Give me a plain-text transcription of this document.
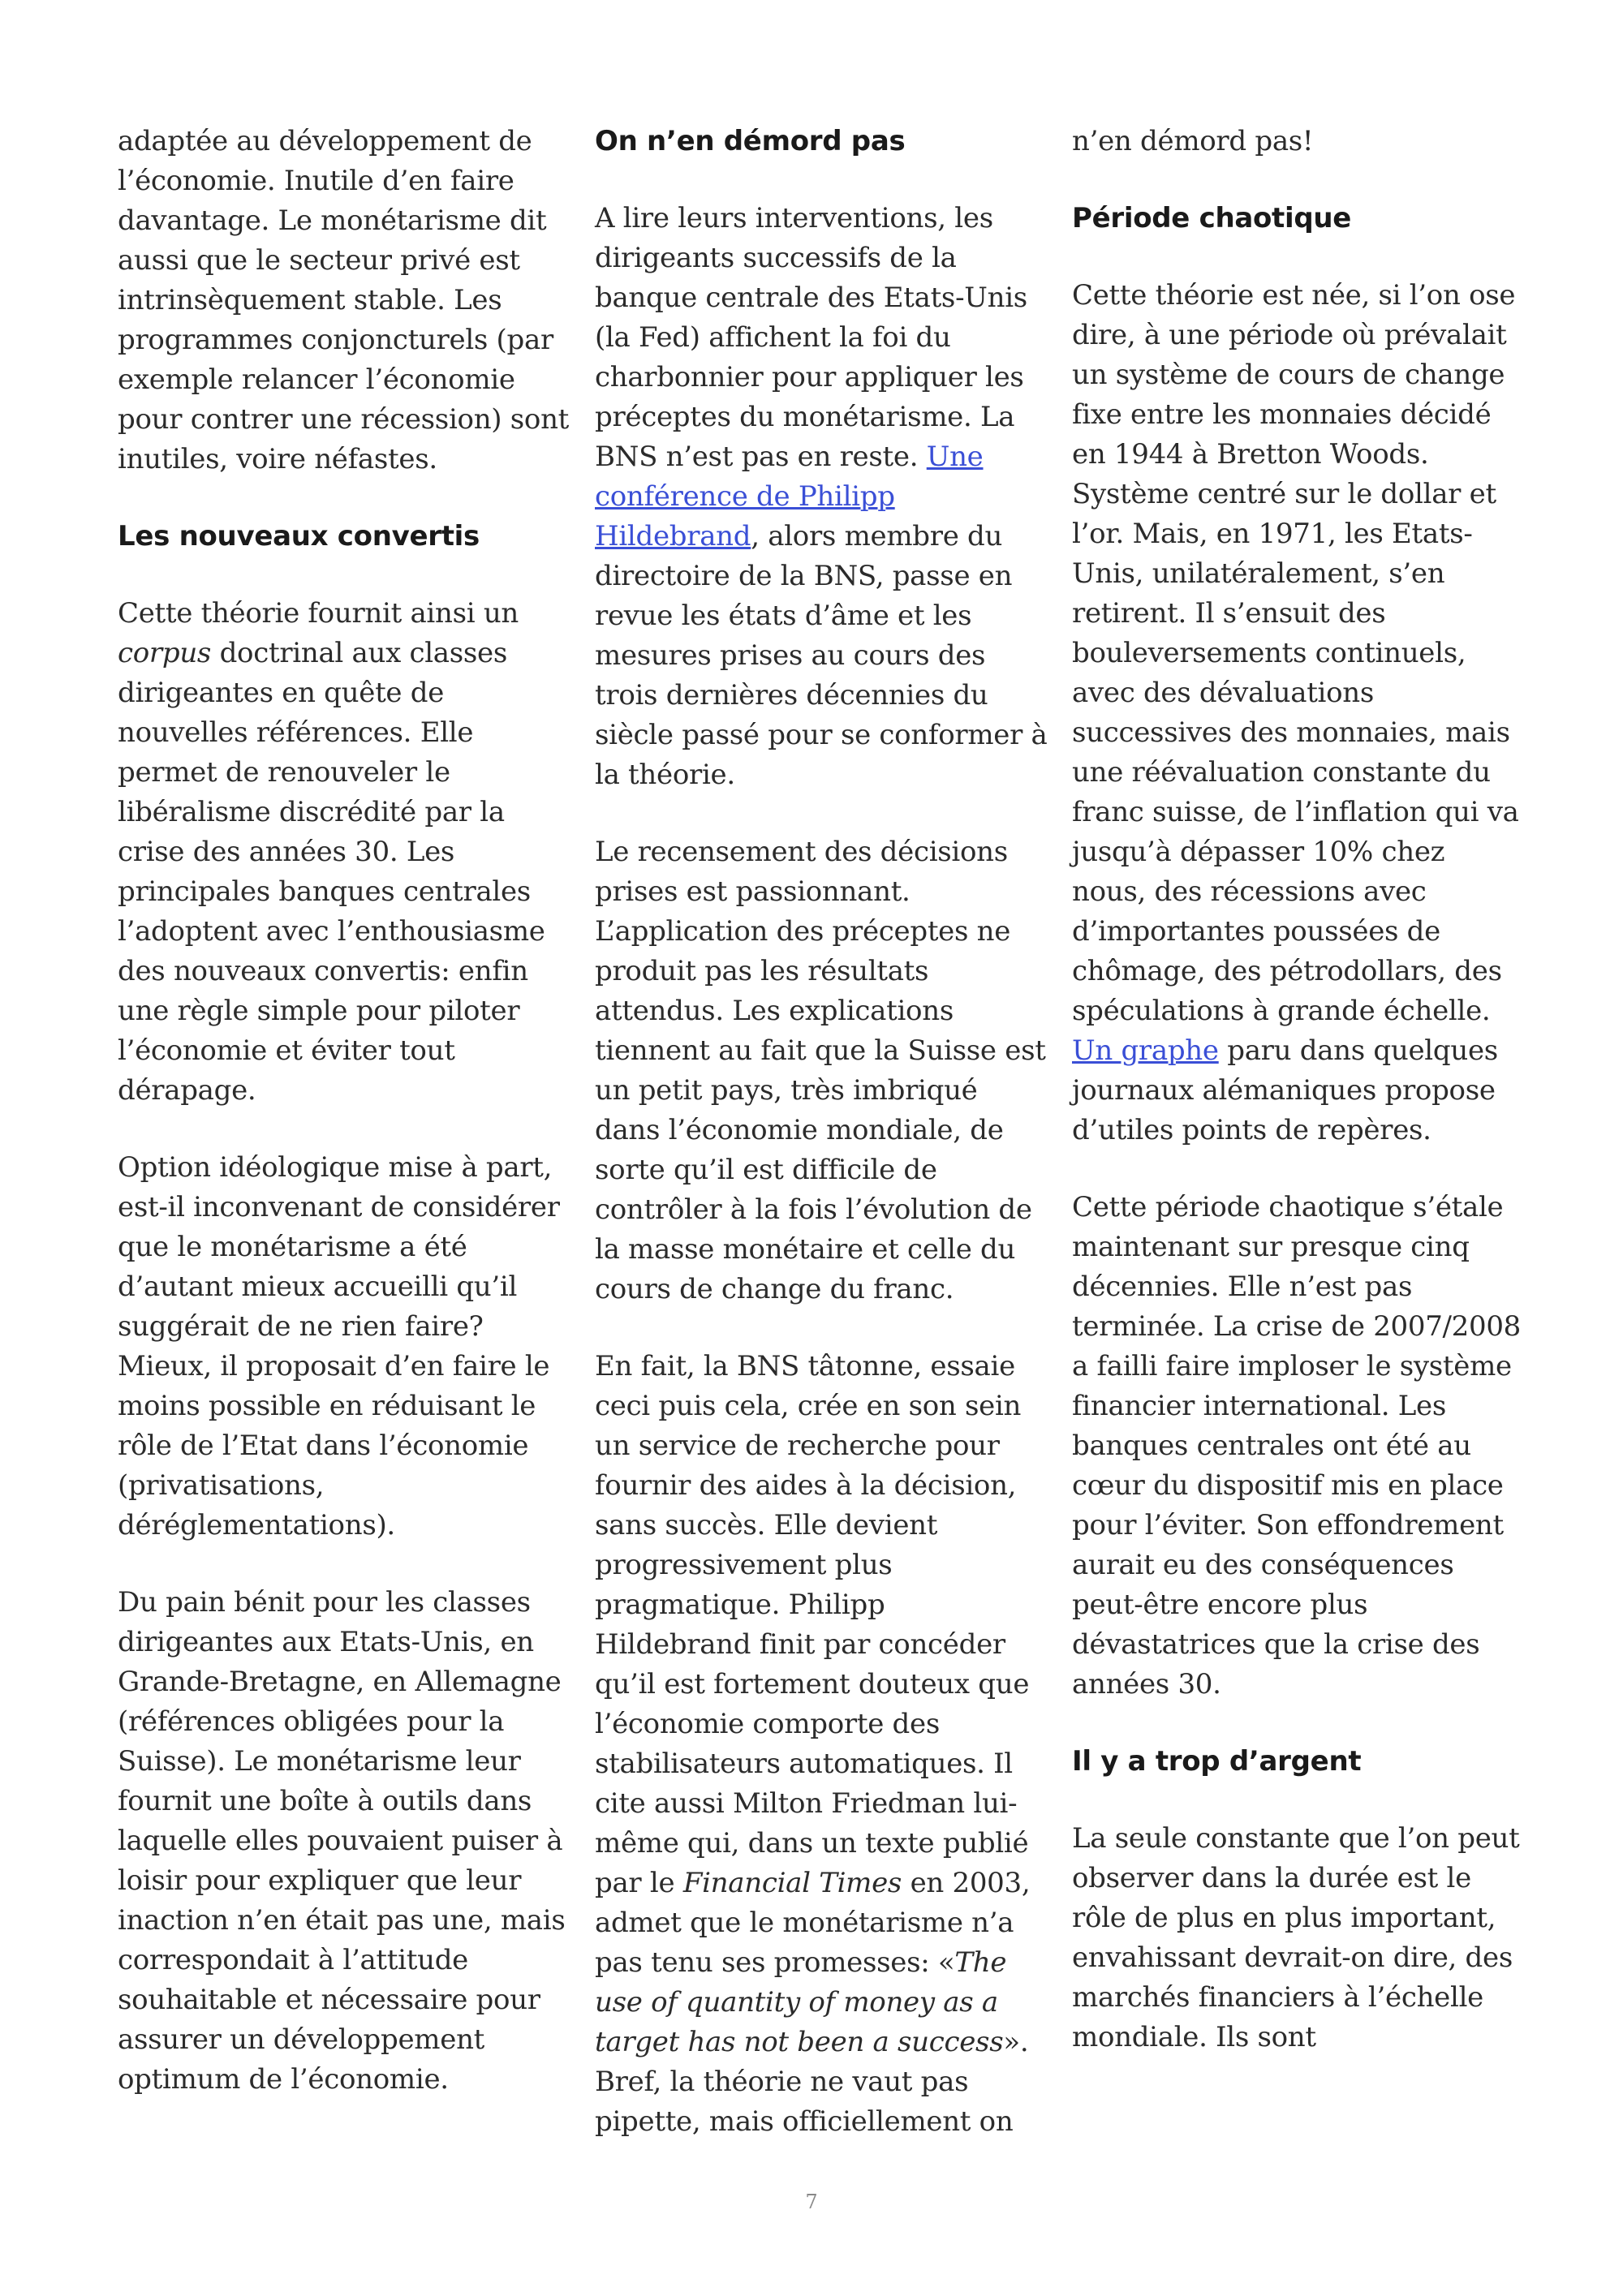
adaptée au développement de l’économie. Inutile d’en faire davantage. Le monétarisme dit aussi que le secteur privé est intrinsèquement stable. Les programmes conjoncturels (par exemple relancer l’économie pour contrer une récession) sont inutiles, voire néfastes.

Les nouveaux convertis

Cette théorie fournit ainsi un corpus doctrinal aux classes dirigeantes en quête de nouvelles références. Elle permet de renouveler le libéralisme discrédité par la crise des années 30. Les principales banques centrales l’adoptent avec l’enthousiasme des nouveaux convertis: enfin une règle simple pour piloter l’économie et éviter tout dérapage.

Option idéologique mise à part, est-il inconvenant de considérer que le monétarisme a été d’autant mieux accueilli qu’il suggérait de ne rien faire? Mieux, il proposait d’en faire le moins possible en réduisant le rôle de l’Etat dans l’économie (privatisations, déréglementations).

Du pain bénit pour les classes dirigeantes aux Etats-Unis, en Grande-Bretagne, en Allemagne (références obligées pour la Suisse). Le monétarisme leur fournit une boîte à outils dans laquelle elles pouvaient puiser à loisir pour expliquer que leur inaction n’en était pas une, mais correspondait à l’attitude souhaitable et nécessaire pour assurer un développement optimum de l’économie.

On n’en démord pas

A lire leurs interventions, les dirigeants successifs de la banque centrale des Etats-Unis (la Fed) affichent la foi du charbonnier pour appliquer les préceptes du monétarisme. La BNS n’est pas en reste. Une conférence de Philipp Hildebrand, alors membre du directoire de la BNS, passe en revue les états d’âme et les mesures prises au cours des trois dernières décennies du siècle passé pour se conformer à la théorie.

Le recensement des décisions prises est passionnant. L’application des préceptes ne produit pas les résultats attendus. Les explications tiennent au fait que la Suisse est un petit pays, très imbriqué dans l’économie mondiale, de sorte qu’il est difficile de contrôler à la fois l’évolution de la masse monétaire et celle du cours de change du franc.

En fait, la BNS tâtonne, essaie ceci puis cela, crée en son sein un service de recherche pour fournir des aides à la décision, sans succès. Elle devient progressivement plus pragmatique. Philipp Hildebrand finit par concéder qu’il est fortement douteux que l’économie comporte des stabilisateurs automatiques. Il cite aussi Milton Friedman lui-même qui, dans un texte publié par le Financial Times en 2003, admet que le monétarisme n’a pas tenu ses promesses: «The use of quantity of money as a target has not been a success». Bref, la théorie ne vaut pas pipette, mais officiellement on

n’en démord pas!

Période chaotique

Cette théorie est née, si l’on ose dire, à une période où prévalait un système de cours de change fixe entre les monnaies décidé en 1944 à Bretton Woods. Système centré sur le dollar et l’or. Mais, en 1971, les Etats-Unis, unilatéralement, s’en retirent. Il s’ensuit des bouleversements continuels, avec des dévaluations successives des monnaies, mais une réévaluation constante du franc suisse, de l’inflation qui va jusqu’à dépasser 10% chez nous, des récessions avec d’importantes poussées de chômage, des pétrodollars, des spéculations à grande échelle. Un graphe paru dans quelques journaux alémaniques propose d’utiles points de repères.

Cette période chaotique s’étale maintenant sur presque cinq décennies. Elle n’est pas terminée. La crise de 2007/2008 a failli faire imploser le système financier international. Les banques centrales ont été au cœur du dispositif mis en place pour l’éviter. Son effondrement aurait eu des conséquences peut-être encore plus dévastatrices que la crise des années 30.

Il y a trop d’argent

La seule constante que l’on peut observer dans la durée est le rôle de plus en plus important, envahissant devrait-on dire, des marchés financiers à l’échelle mondiale. Ils sont

7
